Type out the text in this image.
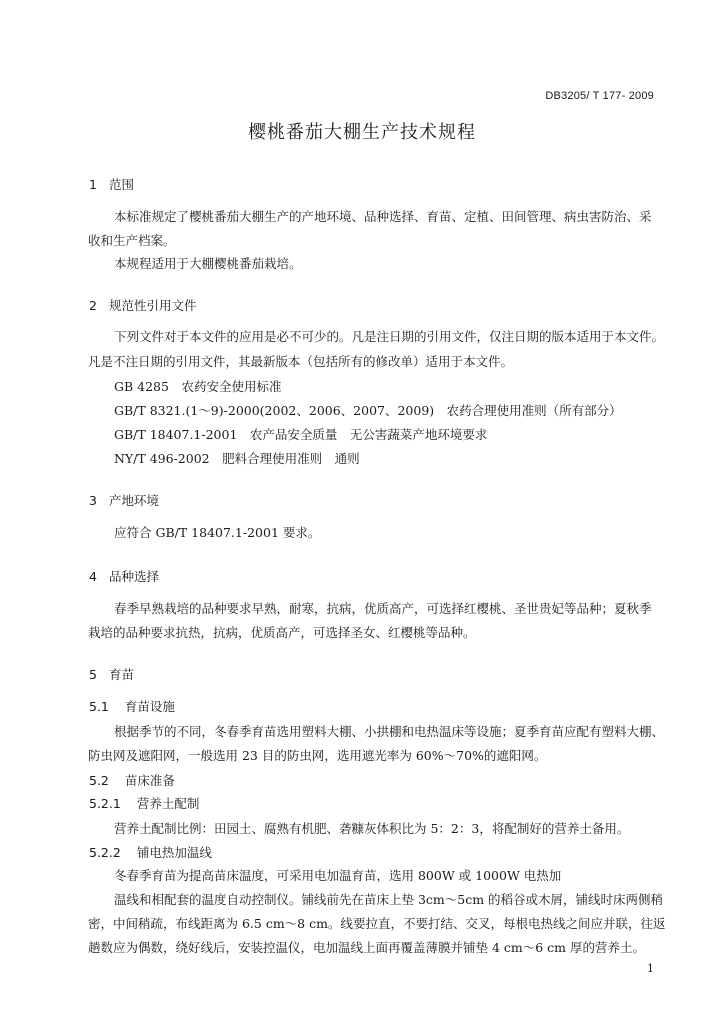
DB3205/ T 177- 2009
樱桃番茄大棚生产技术规程
1 范围
本标准规定了樱桃番茄大棚生产的产地环境、品种选择、育苗、定植、田间管理、病虫害防治、采
收和生产档案。
本规程适用于大棚樱桃番茄栽培。
2 规范性引用文件
下列文件对于本文件的应用是必不可少的。凡是注日期的引用文件，仅注日期的版本适用于本文件。
凡是不注日期的引用文件，其最新版本（包括所有的修改单）适用于本文件。
GB 4285　农药安全使用标准
GB/T 8321.(1～9)-2000(2002、2006、2007、2009)　农药合理使用准则（所有部分）
GB/T 18407.1-2001　农产品安全质量　无公害蔬菜产地环境要求
NY/T 496-2002　肥料合理使用准则　通则
3 产地环境
应符合 GB/T 18407.1-2001 要求。
4 品种选择
春季早熟栽培的品种要求早熟，耐寒，抗病，优质高产，可选择红樱桃、圣世贵妃等品种；夏秋季
栽培的品种要求抗热，抗病，优质高产，可选择圣女、红樱桃等品种。
5 育苗
5.1 育苗设施
根据季节的不同，冬春季育苗选用塑料大棚、小拱棚和电热温床等设施；夏季育苗应配有塑料大棚、
防虫网及遮阳网，一般选用 23 目的防虫网，选用遮光率为 60%～70%的遮阳网。
5.2 苗床准备
5.2.1 营养土配制
营养土配制比例：田园土、腐熟有机肥、砻糠灰体积比为 5：2：3，将配制好的营养土备用。
5.2.2 铺电热加温线
冬春季育苗为提高苗床温度，可采用电加温育苗，选用 800W 或 1000W 电热加
温线和相配套的温度自动控制仪。铺线前先在苗床上垫 3cm～5cm 的稻谷或木屑，铺线时床两侧稍
密，中间稍疏，布线距离为 6.5 cm～8 cm。线要拉直，不要打结、交叉，每根电热线之间应并联，往返
趟数应为偶数，绕好线后，安装控温仪，电加温线上面再覆盖薄膜并铺垫 4 cm～6 cm 厚的营养土。
1
